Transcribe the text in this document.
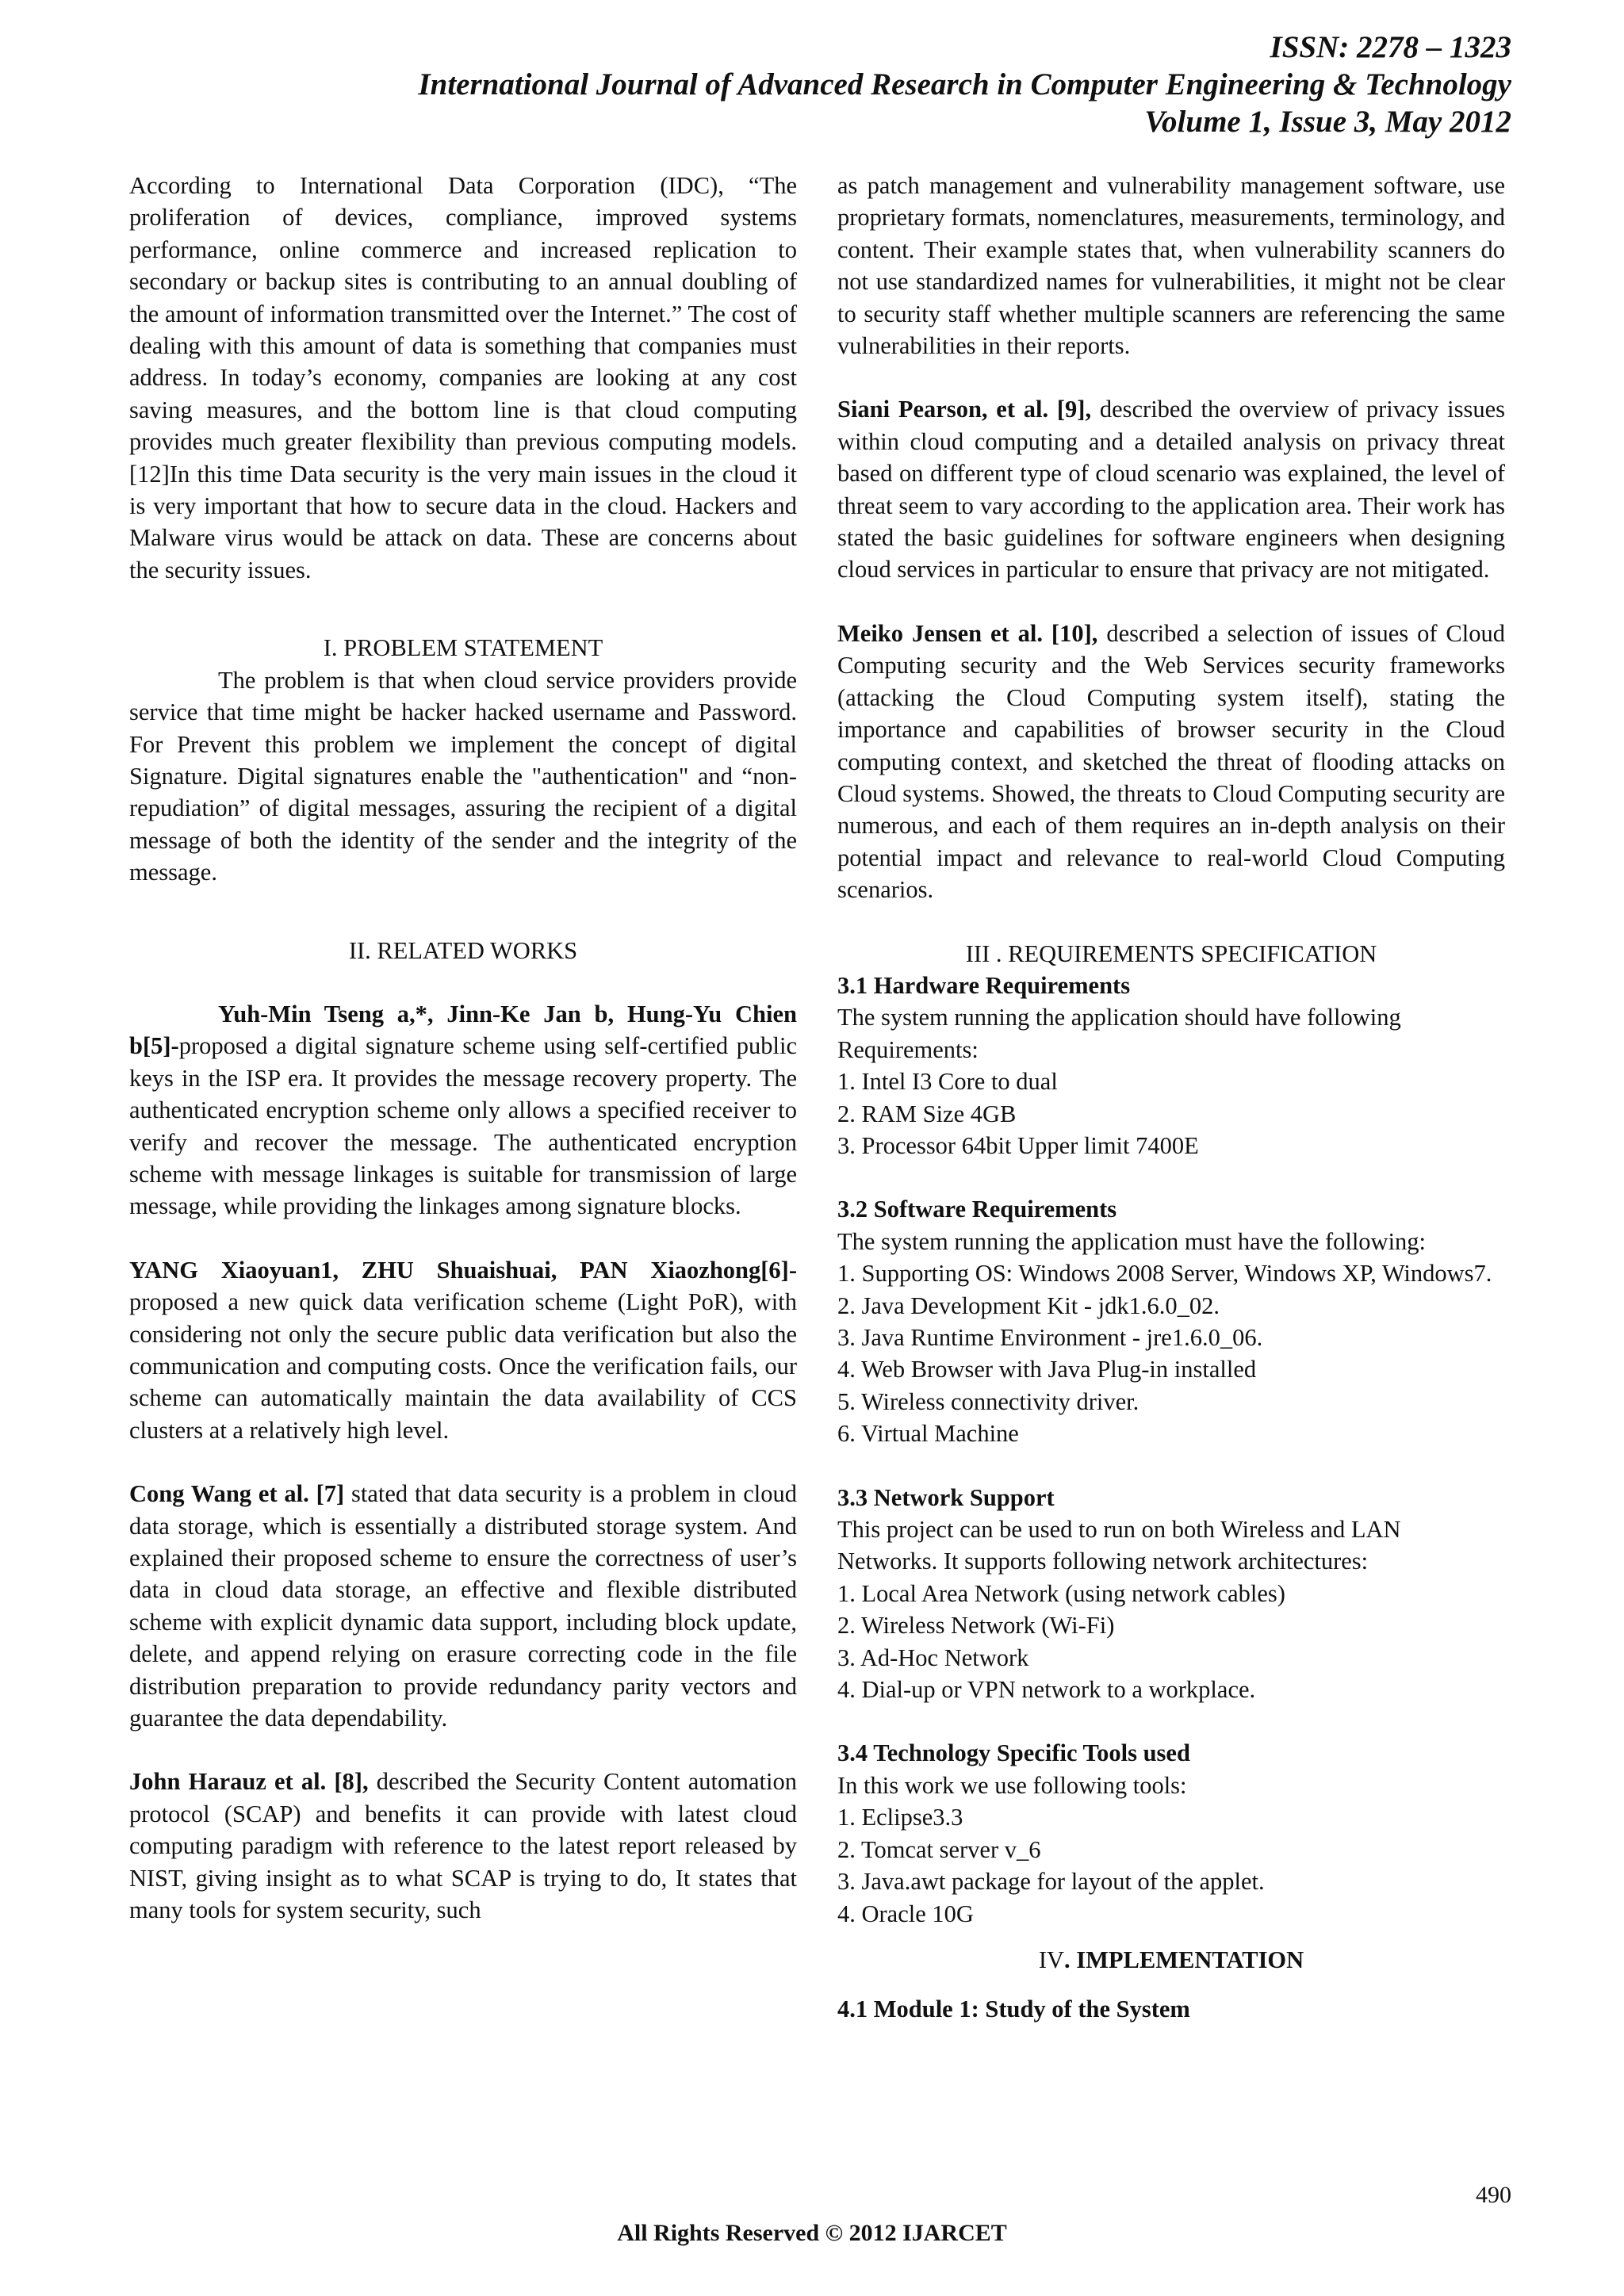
ISSN: 2278 – 1323
International Journal of Advanced Research in Computer Engineering & Technology
Volume 1, Issue 3, May 2012

According to International Data Corporation (IDC), “The proliferation of devices, compliance, improved systems performance, online commerce and increased replication to secondary or backup sites is contributing to an annual doubling of the amount of information transmitted over the Internet.” The cost of dealing with this amount of data is something that companies must address. In today’s economy, companies are looking at any cost saving measures, and the bottom line is that cloud computing provides much greater flexibility than previous computing models.[12]In this time Data security is the very main issues in the cloud it is very important that how to secure data in the cloud. Hackers and Malware virus would be attack on data. These are concerns about the security issues.

I. PROBLEM STATEMENT

The problem is that when cloud service providers provide service that time might be hacker hacked username and Password. For Prevent this problem we implement the concept of digital Signature. Digital signatures enable the "authentication" and “non-repudiation” of digital messages, assuring the recipient of a digital message of both the identity of the sender and the integrity of the message.

II. RELATED WORKS

Yuh-Min Tseng a,*, Jinn-Ke Jan b, Hung-Yu Chien b[5]-proposed a digital signature scheme using self-certified public keys in the ISP era. It provides the message recovery property. The authenticated encryption scheme only allows a specified receiver to verify and recover the message. The authenticated encryption scheme with message linkages is suitable for transmission of large message, while providing the linkages among signature blocks.

YANG Xiaoyuan1, ZHU Shuaishuai, PAN Xiaozhong[6]-proposed a new quick data verification scheme (Light PoR), with considering not only the secure public data verification but also the communication and computing costs. Once the verification fails, our scheme can automatically maintain the data availability of CCS clusters at a relatively high level.

Cong Wang et al. [7] stated that data security is a problem in cloud data storage, which is essentially a distributed storage system. And explained their proposed scheme to ensure the correctness of user’s data in cloud data storage, an effective and flexible distributed scheme with explicit dynamic data support, including block update, delete, and append relying on erasure correcting code in the file distribution preparation to provide redundancy parity vectors and guarantee the data dependability.

John Harauz et al. [8], described the Security Content automation protocol (SCAP) and benefits it can provide with latest cloud computing paradigm with reference to the latest report released by NIST, giving insight as to what SCAP is trying to do, It states that many tools for system security, such

as patch management and vulnerability management software, use proprietary formats, nomenclatures, measurements, terminology, and content. Their example states that, when vulnerability scanners do not use standardized names for vulnerabilities, it might not be clear to security staff whether multiple scanners are referencing the same vulnerabilities in their reports.

Siani Pearson, et al. [9], described the overview of privacy issues within cloud computing and a detailed analysis on privacy threat based on different type of cloud scenario was explained, the level of threat seem to vary according to the application area. Their work has stated the basic guidelines for software engineers when designing cloud services in particular to ensure that privacy are not mitigated.

Meiko Jensen et al. [10], described a selection of issues of Cloud Computing security and the Web Services security frameworks (attacking the Cloud Computing system itself), stating the importance and capabilities of browser security in the Cloud computing context, and sketched the threat of flooding attacks on Cloud systems. Showed, the threats to Cloud Computing security are numerous, and each of them requires an in-depth analysis on their potential impact and relevance to real-world Cloud Computing scenarios.

III . REQUIREMENTS SPECIFICATION

3.1 Hardware Requirements

The system running the application should have following Requirements:

1. Intel I3 Core to dual
2. RAM Size 4GB
3. Processor 64bit Upper limit 7400E

3.2 Software Requirements

The system running the application must have the following:

1. Supporting OS: Windows 2008 Server, Windows XP, Windows7.
2. Java Development Kit - jdk1.6.0_02.
3. Java Runtime Environment - jre1.6.0_06.
4. Web Browser with Java Plug-in installed
5. Wireless connectivity driver.
6. Virtual Machine

3.3 Network Support

This project can be used to run on both Wireless and LAN Networks. It supports following network architectures:

1. Local Area Network (using network cables)
2. Wireless Network (Wi-Fi)
3. Ad-Hoc Network
4. Dial-up or VPN network to a workplace.

3.4 Technology Specific Tools used

In this work we use following tools:

1. Eclipse3.3
2. Tomcat server v_6
3. Java.awt package for layout of the applet.
4. Oracle 10G

IV. IMPLEMENTATION

4.1 Module 1: Study of the System

490
All Rights Reserved © 2012 IJARCET
